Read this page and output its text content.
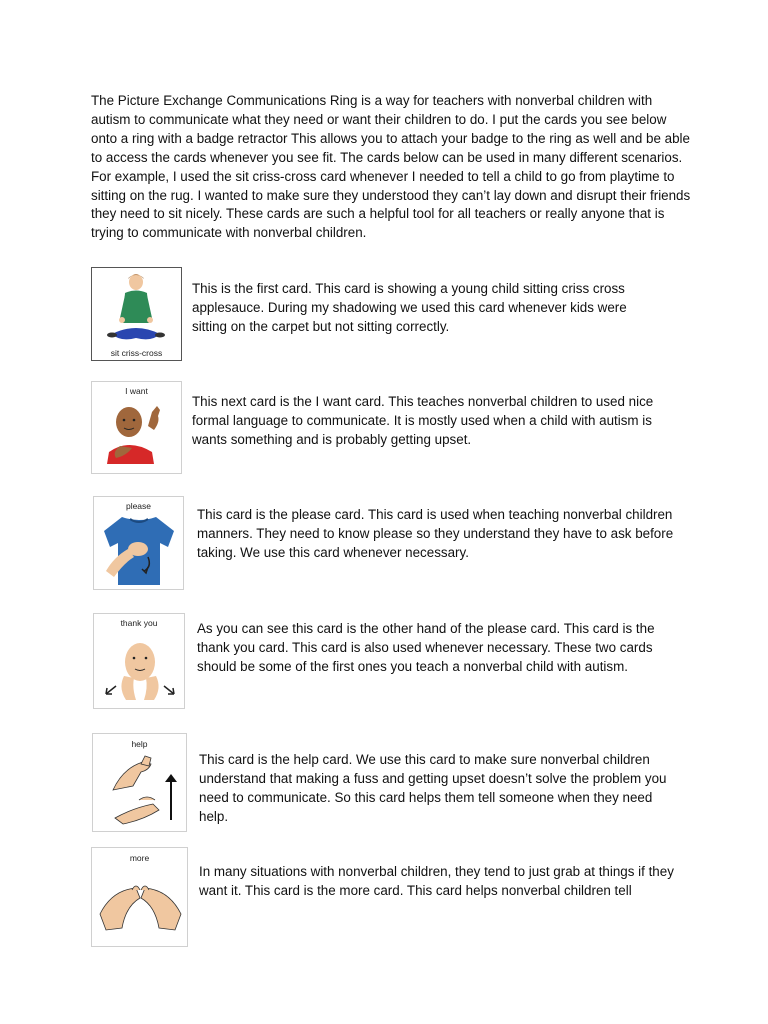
The Picture Exchange Communications Ring is a way for teachers with nonverbal children with autism to communicate what they need or want their children to do. I put the cards you see below onto a ring with a badge retractor This allows you to attach your badge to the ring as well and be able to access the cards whenever you see fit. The cards below can be used in many different scenarios. For example, I used the sit criss-cross card whenever I needed to tell a child to go from playtime to sitting on the rug. I wanted to make sure they understood they can’t lay down and disrupt their friends they need to sit nicely. These cards are such a helpful tool for all teachers or really anyone that is trying to communicate with nonverbal children.

sit criss-cross

This is the first card. This card is showing a young child sitting criss cross applesauce. During my shadowing we used this card whenever kids were sitting on the carpet but not sitting correctly.

I want

This next card is the I want card. This teaches nonverbal children to used nice formal language to communicate. It is mostly used when a child with autism is wants something and is probably getting upset.

please

This card is the please card. This card is used when teaching nonverbal children manners. They need to know please so they understand they have to ask before taking. We use this card whenever necessary.

thank you	As you can see this card is the other hand of the please card. This card is the thank you card. This card is also used whenever necessary. These two cards should be some of the first ones you teach a nonverbal child with autism.

help

This card is the help card. We use this card to make sure nonverbal children understand that making a fuss and getting upset doesn’t solve the problem you need to communicate. So this card helps them tell someone when they need help.

more

In many situations with nonverbal children, they tend to just grab at things if they want it. This card is the more card. This card helps nonverbal children tell
